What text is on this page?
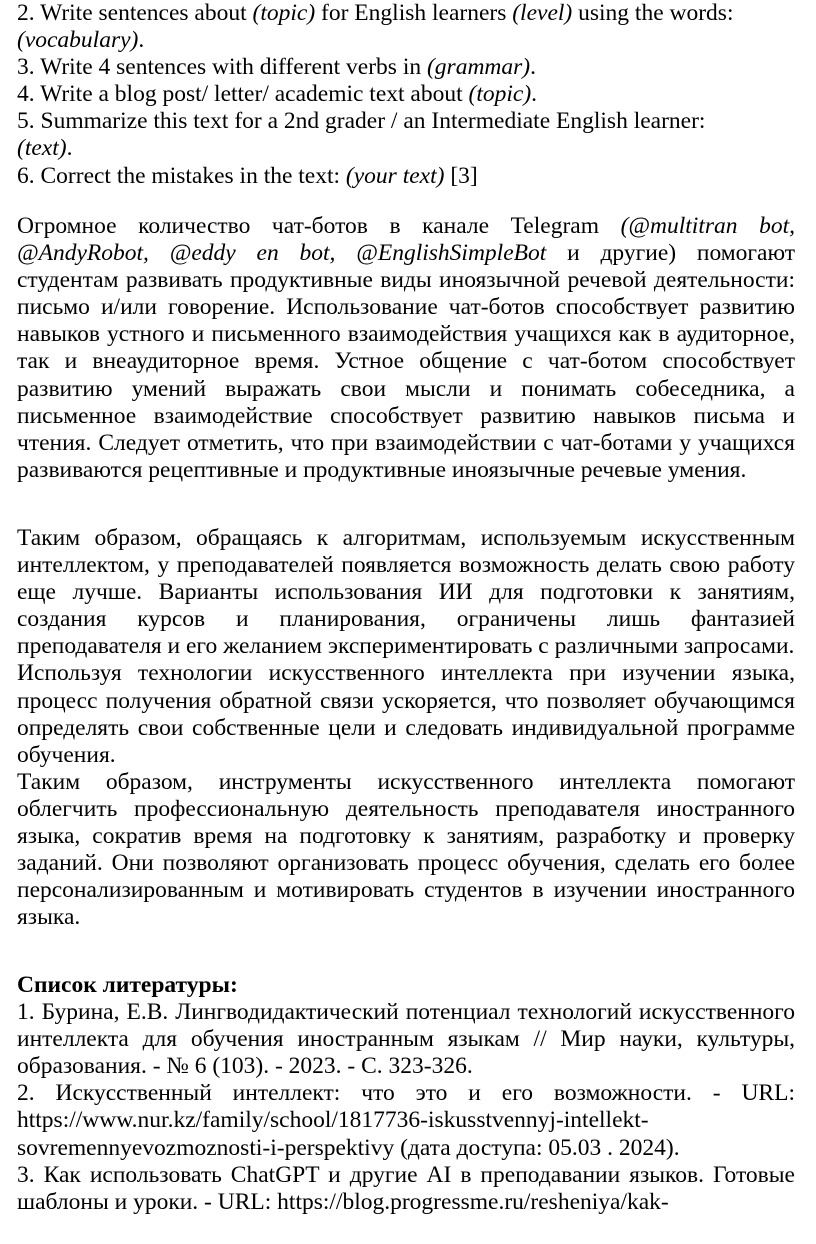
2. Write sentences about (topic) for English learners (level) using the words:

(vocabulary).

3. Write 4 sentences with different verbs in (grammar).

4. Write a blog post/ letter/ academic text about (topic).

5. Summarize this text for a 2nd grader / an Intermediate English learner:

(text).

6. Correct the mistakes in the text: (your text) [3]

Огромное количество чат-ботов в канале Telegram (@multitran bot, @AndyRobot, @eddy en bot, @EnglishSimpleBot и другие) помогают студентам развивать продуктивные виды иноязычной речевой деятельности: письмо и/или говорение. Использование чат-ботов способствует развитию навыков устного и письменного взаимодействия учащихся как в аудиторное, так и внеаудиторное время. Устное общение с чат-ботом способствует развитию умений выражать свои мысли и понимать собеседника, а письменное взаимодействие способствует развитию навыков письма и чтения. Следует отметить, что при взаимодействии с чат-ботами у учащихся развиваются рецептивные и продуктивные иноязычные речевые умения.

Таким образом, обращаясь к алгоритмам, используемым искусственным интеллектом, у преподавателей появляется возможность делать свою работу еще лучше. Варианты использования ИИ для подготовки к занятиям, создания курсов и планирования, ограничены лишь фантазией преподавателя и его желанием экспериментировать с различными запросами.

Используя технологии искусственного интеллекта при изучении языка, процесс получения обратной связи ускоряется, что позволяет обучающимся определять свои собственные цели и следовать индивидуальной программе обучения.

Таким образом, инструменты искусственного интеллекта помогают облегчить профессиональную деятельность преподавателя иностранного языка, сократив время на подготовку к занятиям, разработку и проверку заданий. Они позволяют организовать процесс обучения, сделать его более персонализированным и мотивировать студентов в изучении иностранного языка.

Список литературы:

1. Бурина, Е.В. Лингводидактический потенциал технологий искусственного интеллекта для обучения иностранным языкам // Мир науки, культуры, образования. - № 6 (103). - 2023. - С. 323-326.

2. Искусственный интеллект: что это и его возможности. - URL: https://www.nur.kz/family/school/1817736-iskusstvennyj-intellekt-sovremennyevozmoznosti-i-perspektivy (дата доступа: 05.03 . 2024).

3. Как использовать ChatGPT и другие AI в преподавании языков. Готовые шаблоны и уроки. - URL: https://blog.progressme.ru/resheniya/kak-
